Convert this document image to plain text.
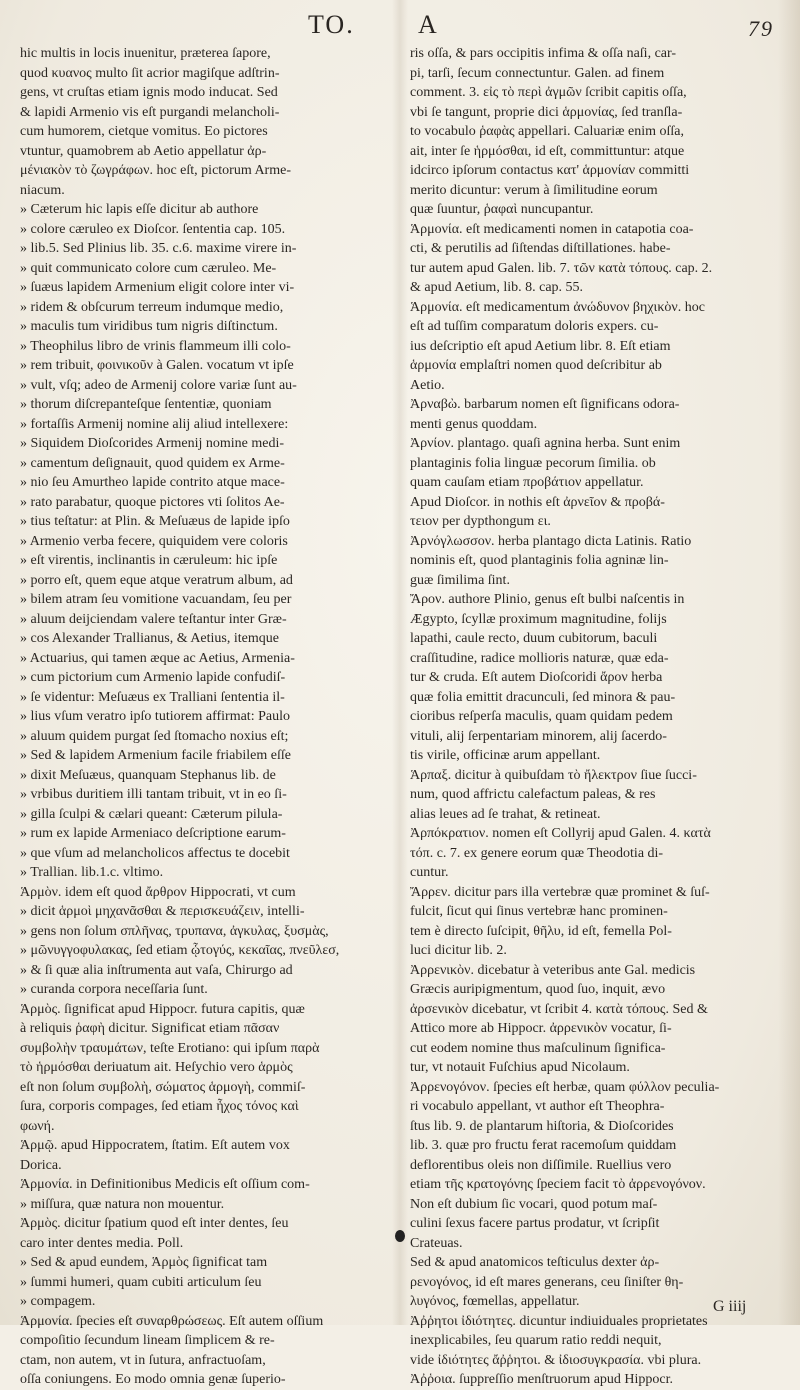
TO. A	79
hic multis in locis inuenitur, præterea ſapore,
quod κυανος multo ſit acrior magiſque adſtrin-
gens, vt cruſtas etiam ignis modo inducat. Sed
& lapidi Armenio vis eſt purgandi melancholi-
cum humorem, cietque vomitus. Eo pictores
vtuntur, quamobrem ab Aetio appellatur ἀρ-
μένιακὸν τὸ ζωγράφων. hoc eſt, pictorum Arme-
niacum.
» Cæterum hic lapis eſſe dicitur ab authore
» colore cæruleo ex Dioſcor. ſententia cap. 105.
» lib.5. Sed Plinius lib. 35. c.6. maxime virere in-
» quit communicato colore cum cæruleo. Me-
» ſuæus lapidem Armenium eligit colore inter vi-
» ridem & obſcurum terreum indumque medio,
» maculis tum viridibus tum nigris diſtinctum.
» Theophilus libro de vrinis flammeum illi colo-
» rem tribuit, φοινικοῦν à Galen. vocatum vt ipſe
» vult, vſq; adeo de Armenij colore variæ ſunt au-
» thorum diſcrepanteſque ſententiæ, quoniam
» fortaſſis Armenij nomine alij aliud intellexere:
» Siquidem Dioſcorides Armenij nomine medi-
» camentum deſignauit, quod quidem ex Arme-
» nio ſeu Amurtheo lapide contrito atque mace-
» rato parabatur, quoque pictores vti ſolitos Ae-
» tius teſtatur: at Plin. & Meſuæus de lapide ipſo
» Armenio verba fecere, quiquidem vere coloris
» eſt virentis, inclinantis in cæruleum: hic ipſe
» porro eſt, quem eque atque veratrum album, ad
» bilem atram ſeu vomitione vacuandam, ſeu per
» aluum deijciendam valere teſtantur inter Græ-
» cos Alexander Trallianus, & Aetius, itemque
» Actuarius, qui tamen æque ac Aetius, Armenia-
» cum pictorium cum Armenio lapide confudiſ-
» ſe videntur: Meſuæus ex Tralliani ſententia il-
» lius vſum veratro ipſo tutiorem affirmat: Paulo
» aluum quidem purgat ſed ſtomacho noxius eſt;
» Sed & lapidem Armenium facile friabilem eſſe
» dixit Meſuæus, quanquam Stephanus lib. de
» vrbibus duritiem illi tantam tribuit, vt in eo ſi-
» gilla ſculpi & cælari queant: Cæterum pilula-
» rum ex lapide Armeniaco deſcriptione earum-
» que vſum ad melancholicos affectus te docebit
» Trallian. lib.1.c. vltimo.
Ἁρμὸν. idem eſt quod ἄρθρον Hippocrati, vt cum
» dicit ἁρμοὶ μηχανᾶσθαι & περισκευάζειν, intelli-
» gens non ſolum σπλῆνας, τρυπανα, ἀγκυλας, ξυσμὰς,
» μῶνυγγοφυλακας, ſed etiam ᾧτογύς, κεκαῖας, πνεῦλεσ,
» & ſi quæ alia inſtrumenta aut vaſa, Chirurgo ad
» curanda corpora neceſſaria ſunt.
Ἁρμὸς. ſignificat apud Hippocr. futura capitis, quæ
à reliquis ῥαφὴ dicitur. Significat etiam πᾶσαν
συμβολὴν τραυμάτων, teſte Erotiano: qui ipſum παρὰ
τὸ ἡρμόσθαι deriuatum ait. Heſychio vero ἁρμὸς
eſt non ſolum συμβολὴ, σώματος ἁρμογὴ, commiſ-
ſura, corporis compages, ſed etiam ἦχος τόνος καὶ
φωνή.
Ἁρμῷ. apud Hippocratem, ſtatim. Eſt autem vox
Dorica.
Ἁρμονία. in Definitionibus Medicis eſt oſſium com-
» miſſura, quæ natura non mouentur.
Ἀρμὸς. dicitur ſpatium quod eſt inter dentes, ſeu
caro inter dentes media. Poll.
» Sed & apud eundem, Ἁρμὸς ſignificat tam
» ſummi humeri, quam cubiti articulum ſeu
» compagem.
Ἁρμονία. ſpecies eſt συναρθρώσεως. Eſt autem oſſium
compoſitio ſecundum lineam ſimplicem & re-
ctam, non autem, vt in ſutura, anfractuoſam,
oſſa coniungens. Eo modo omnia genæ ſuperio-
ris oſſa, & pars occipitis infima & oſſa naſi, car-
pi, tarſi, ſecum connectuntur. Galen. ad finem
comment. 3. εἰς τὸ περὶ ἀγμῶν ſcribit capitis oſſa,
vbi ſe tangunt, proprie dici ἁρμονίας, ſed tranſla-
to vocabulo ῥαφὰς appellari. Caluariæ enim oſſa,
ait, inter ſe ἡρμόσθαι, id eſt, committuntur: atque
idcirco ipſorum contactus κατ' ἁρμονίαν committi
merito dicuntur: verum à ſimilitudine eorum
quæ ſuuntur, ῥαφαὶ nuncupantur.
Ἁρμονία. eſt medicamenti nomen in catapotia coa-
cti, & perutilis ad ſiſtendas diſtillationes. habe-
tur autem apud Galen. lib. 7. τῶν κατὰ τόπους. cap. 2.
& apud Aetium, lib. 8. cap. 55.
Ἁρμονία. eſt medicamentum ἀνώδυνον βηχικὸν. hoc
eſt ad tuſſim comparatum doloris expers. cu-
ius deſcriptio eſt apud Aetium libr. 8. Eſt etiam
ἁρμονία emplaſtri nomen quod deſcribitur ab
Aetio.
Ἀρναβὼ. barbarum nomen eſt ſignificans odora-
menti genus quoddam.
Ἀρνίον. plantago. quaſi agnina herba. Sunt enim
plantaginis folia linguæ pecorum ſimilia. ob
quam cauſam etiam προβάτιον appellatur.
Apud Dioſcor. in nothis eſt ἀρνεῖον & προβά-
τειον per dypthongum ει.
Ἀρνόγλωσσον. herba plantago dicta Latinis. Ratio
nominis eſt, quod plantaginis folia agninæ lin-
guæ ſimilima ſint.
Ἄρον. authore Plinio, genus eſt bulbi naſcentis in
Ægypto, ſcyllæ proximum magnitudine, folijs
lapathi, caule recto, duum cubitorum, baculi
craſſitudine, radice mollioris naturæ, quæ eda-
tur & cruda. Eſt autem Dioſcoridi ἄρον herba
quæ folia emittit dracunculi, ſed minora & pau-
cioribus reſperſa maculis, quam quidam pedem
vituli, alij ſerpentariam minorem, alij ſacerdo-
tis virile, officinæ arum appellant.
Ἁρπαξ. dicitur à quibuſdam τὸ ἤλεκτρον ſiue ſucci-
num, quod affrictu calefactum paleas, & res
alias leues ad ſe trahat, & retineat.
Ἀρπόκρατιον. nomen eſt Collyrij apud Galen. 4. κατὰ
τόπ. c. 7. ex genere eorum quæ Theodotia di-
cuntur.
Ἄρρεν. dicitur pars illa vertebræ quæ prominet & ſuſ-
fulcit, ſicut qui ſinus vertebræ hanc prominen-
tem è directo ſuſcipit, θῆλυ, id eſt, femella Pol-
luci dicitur lib. 2.
Ἀρρενικὸν. dicebatur à veteribus ante Gal. medicis
Græcis auripigmentum, quod ſuo, inquit, ævo
ἀρσενικὸν dicebatur, vt ſcribit 4. κατὰ τόπους. Sed &
Attico more ab Hippocr. ἀρρενικὸν vocatur, ſi-
cut eodem nomine thus maſculinum ſignifica-
tur, vt notauit Fuſchius apud Nicolaum.
Ἀρρενογόνον. ſpecies eſt herbæ, quam φύλλον peculia-
ri vocabulo appellant, vt author eſt Theophra-
ſtus lib. 9. de plantarum hiſtoria, & Dioſcorides
lib. 3. quæ pro fructu ferat racemoſum quiddam
deflorentibus oleis non diſſimile. Ruellius vero
etiam τῆς κρατογόνης ſpeciem facit τὸ ἀρρενογόνον.
Non eſt dubium ſic vocari, quod potum maſ-
culini ſexus facere partus prodatur, vt ſcripſit
Crateuas.
Sed & apud anatomicos teſticulus dexter ἀρ-
ρενογόνος, id eſt mares generans, ceu ſiniſter θη-
λυγόνος, fœmellas, appellatur.
Ἀῤῥητοι ἰδιότητες. dicuntur indiuiduales proprietates
inexplicabiles, ſeu quarum ratio reddi nequit,
vide ἰδιότητες ἄῤῥητοι. & ἰδιοσυγκρασία. vbi plura.
Ἀῤῥοια. ſuppreſſio menſtruorum apud Hippocr.
G iiij
